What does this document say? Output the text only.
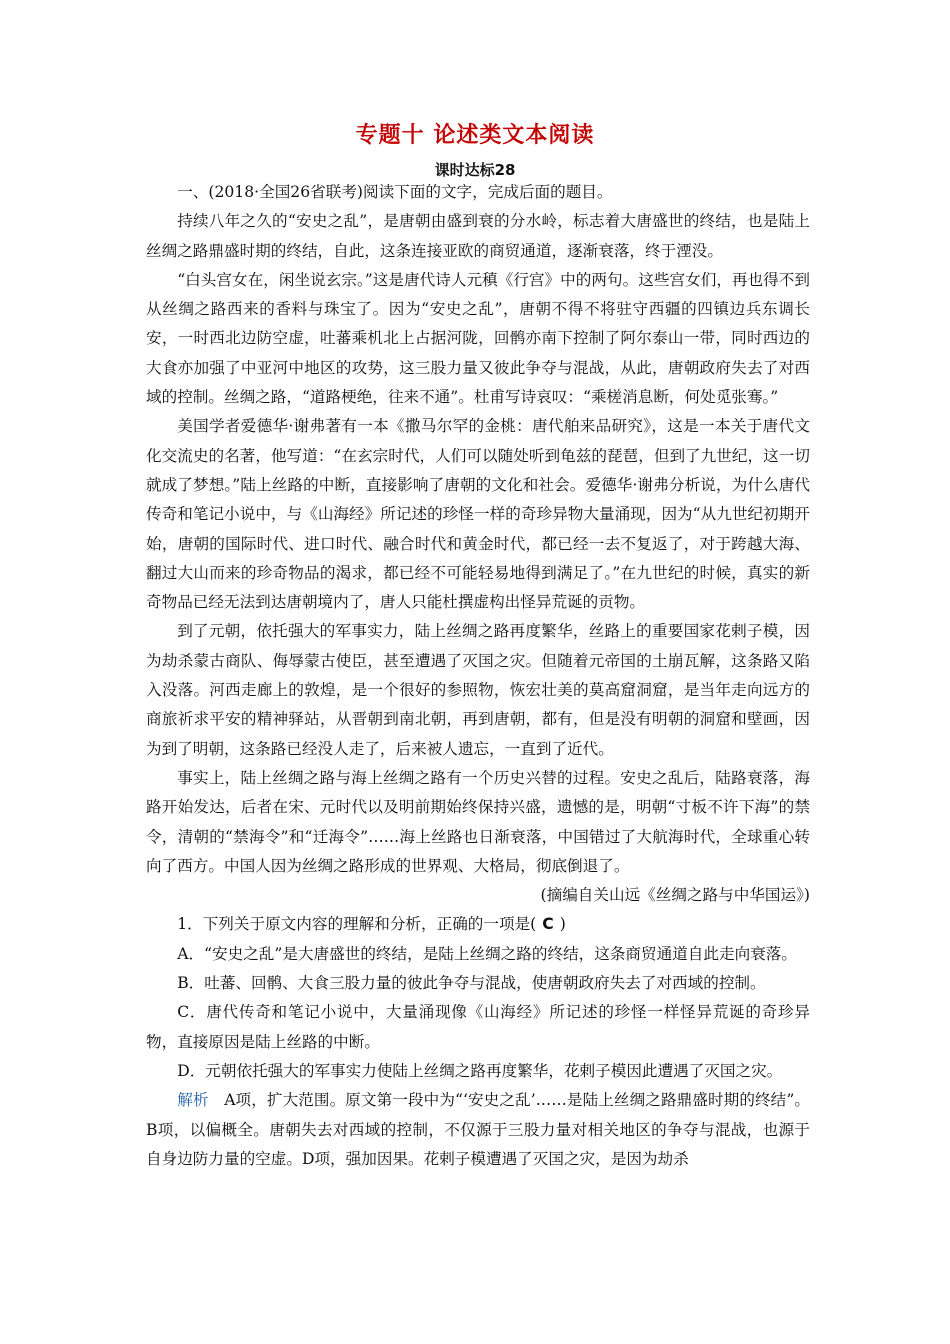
专题十 论述类文本阅读
课时达标28

一、(2018·全国26省联考)阅读下面的文字，完成后面的题目。

持续八年之久的“安史之乱”，是唐朝由盛到衰的分水岭，标志着大唐盛世的终结，也是陆上丝绸之路鼎盛时期的终结，自此，这条连接亚欧的商贸通道，逐渐衰落，终于湮没。

“白头宫女在，闲坐说玄宗。”这是唐代诗人元稹《行宫》中的两句。这些宫女们，再也得不到从丝绸之路西来的香料与珠宝了。因为“安史之乱”，唐朝不得不将驻守西疆的四镇边兵东调长安，一时西北边防空虚，吐蕃乘机北上占据河陇，回鹘亦南下控制了阿尔泰山一带，同时西边的大食亦加强了中亚河中地区的攻势，这三股力量又彼此争夺与混战，从此，唐朝政府失去了对西域的控制。丝绸之路，“道路梗绝，往来不通”。杜甫写诗哀叹：“乘槎消息断，何处觅张骞。”

美国学者爱德华·谢弗著有一本《撒马尔罕的金桃：唐代舶来品研究》，这是一本关于唐代文化交流史的名著，他写道：“在玄宗时代，人们可以随处听到龟兹的琵琶，但到了九世纪，这一切就成了梦想。”陆上丝路的中断，直接影响了唐朝的文化和社会。爱德华·谢弗分析说，为什么唐代传奇和笔记小说中，与《山海经》所记述的珍怪一样的奇珍异物大量涌现，因为“从九世纪初期开始，唐朝的国际时代、进口时代、融合时代和黄金时代，都已经一去不复返了，对于跨越大海、翻过大山而来的珍奇物品的渴求，都已经不可能轻易地得到满足了。”在九世纪的时候，真实的新奇物品已经无法到达唐朝境内了，唐人只能杜撰虚构出怪异荒诞的贡物。

到了元朝，依托强大的军事实力，陆上丝绸之路再度繁华，丝路上的重要国家花剌子模，因为劫杀蒙古商队、侮辱蒙古使臣，甚至遭遇了灭国之灾。但随着元帝国的土崩瓦解，这条路又陷入没落。河西走廊上的敦煌，是一个很好的参照物，恢宏壮美的莫高窟洞窟，是当年走向远方的商旅祈求平安的精神驿站，从晋朝到南北朝，再到唐朝，都有，但是没有明朝的洞窟和壁画，因为到了明朝，这条路已经没人走了，后来被人遗忘，一直到了近代。

事实上，陆上丝绸之路与海上丝绸之路有一个历史兴替的过程。安史之乱后，陆路衰落，海路开始发达，后者在宋、元时代以及明前期始终保持兴盛，遗憾的是，明朝“寸板不许下海”的禁令，清朝的“禁海令”和“迁海令”……海上丝路也日渐衰落，中国错过了大航海时代，全球重心转向了西方。中国人因为丝绸之路形成的世界观、大格局，彻底倒退了。

(摘编自关山远《丝绸之路与中华国运》)

1．下列关于原文内容的理解和分析，正确的一项是( C )

A．“安史之乱”是大唐盛世的终结，是陆上丝绸之路的终结，这条商贸通道自此走向衰落。

B．吐蕃、回鹘、大食三股力量的彼此争夺与混战，使唐朝政府失去了对西域的控制。

C．唐代传奇和笔记小说中，大量涌现像《山海经》所记述的珍怪一样怪异荒诞的奇珍异物，直接原因是陆上丝路的中断。

D．元朝依托强大的军事实力使陆上丝绸之路再度繁华，花剌子模因此遭遇了灭国之灾。

解析　A项，扩大范围。原文第一段中为“‘安史之乱’……是陆上丝绸之路鼎盛时期的终结”。B项，以偏概全。唐朝失去对西域的控制，不仅源于三股力量对相关地区的争夺与混战，也源于自身边防力量的空虚。D项，强加因果。花剌子模遭遇了灭国之灾，是因为劫杀
